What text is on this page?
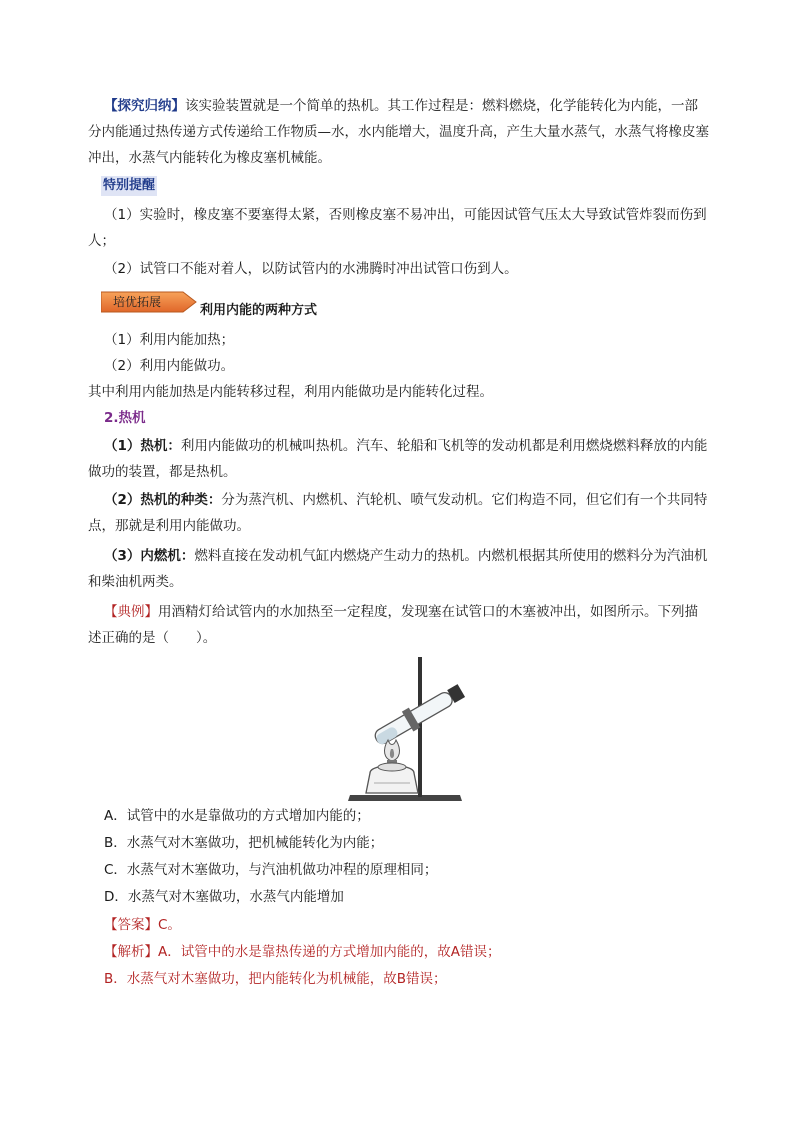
【探究归纳】该实验装置就是一个简单的热机。其工作过程是：燃料燃烧，化学能转化为内能，一部
分内能通过热传递方式传递给工作物质—水，水内能增大，温度升高，产生大量水蒸气，水蒸气将橡皮塞
冲出，水蒸气内能转化为橡皮塞机械能。
特别提醒
（1）实验时，橡皮塞不要塞得太紧，否则橡皮塞不易冲出，可能因试管气压太大导致试管炸裂而伤到
人；
（2）试管口不能对着人，以防试管内的水沸腾时冲出试管口伤到人。
培优拓展
利用内能的两种方式
（1）利用内能加热；
（2）利用内能做功。
其中利用内能加热是内能转移过程，利用内能做功是内能转化过程。
2.热机
（1）热机：利用内能做功的机械叫热机。汽车、轮船和飞机等的发动机都是利用燃烧燃料释放的内能
做功的装置，都是热机。
（2）热机的种类：分为蒸汽机、内燃机、汽轮机、喷气发动机。它们构造不同，但它们有一个共同特
点，那就是利用内能做功。
（3）内燃机：燃料直接在发动机气缸内燃烧产生动力的热机。内燃机根据其所使用的燃料分为汽油机
和柴油机两类。
【典例】用酒精灯给试管内的水加热至一定程度，发现塞在试管口的木塞被冲出，如图所示。下列描
述正确的是（　　）。
A．试管中的水是靠做功的方式增加内能的；
B．水蒸气对木塞做功，把机械能转化为内能；
C．水蒸气对木塞做功，与汽油机做功冲程的原理相同；
D．水蒸气对木塞做功，水蒸气内能增加
【答案】C。
【解析】A．试管中的水是靠热传递的方式增加内能的，故A错误；
B．水蒸气对木塞做功，把内能转化为机械能，故B错误；
